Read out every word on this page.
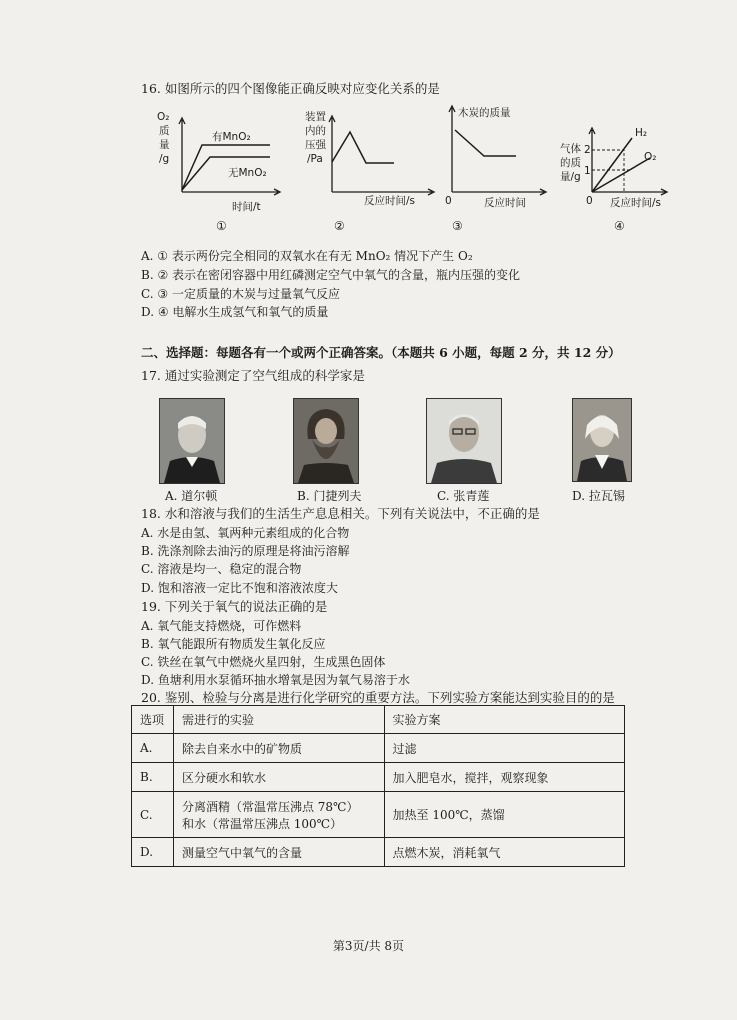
16. 如图所示的四个图像能正确反映对应变化关系的是
O₂
质
量
/g
有MnO₂
无MnO₂
时间/t
①
装置
内的
压强
/Pa
反应时间/s
②
木炭的质量
0	反应时间
③
气体
的质
量/g
2
1
H₂
O₂
0 反应时间/s
④
A. ① 表示两份完全相同的双氧水在有无 MnO₂ 情况下产生 O₂
B. ② 表示在密闭容器中用红磷测定空气中氧气的含量，瓶内压强的变化
C. ③ 一定质量的木炭与过量氧气反应
D. ④ 电解水生成氢气和氧气的质量
二、选择题：每题各有一个或两个正确答案。（本题共 6 小题，每题 2 分，共 12 分）
17. 通过实验测定了空气组成的科学家是
A. 道尔顿	B. 门捷列夫	C. 张青莲	D. 拉瓦锡
18. 水和溶液与我们的生活生产息息相关。下列有关说法中，不正确的是
A. 水是由氢、氧两种元素组成的化合物
B. 洗涤剂除去油污的原理是将油污溶解
C. 溶液是均一、稳定的混合物
D. 饱和溶液一定比不饱和溶液浓度大
19. 下列关于氧气的说法正确的是
A. 氧气能支持燃烧，可作燃料
B. 氧气能跟所有物质发生氧化反应
C. 铁丝在氧气中燃烧火星四射，生成黑色固体
D. 鱼塘利用水泵循环抽水增氧是因为氧气易溶于水
20. 鉴别、检验与分离是进行化学研究的重要方法。下列实验方案能达到实验目的的是
选项	需进行的实验	实验方案
A.	除去自来水中的矿物质	过滤
B.	区分硬水和软水	加入肥皂水，搅拌，观察现象
C.	分离酒精（常温常压沸点 78℃）
和水（常温常压沸点 100℃）	加热至 100℃，蒸馏
D.	测量空气中氧气的含量	点燃木炭，消耗氧气
第3页/共 8页
